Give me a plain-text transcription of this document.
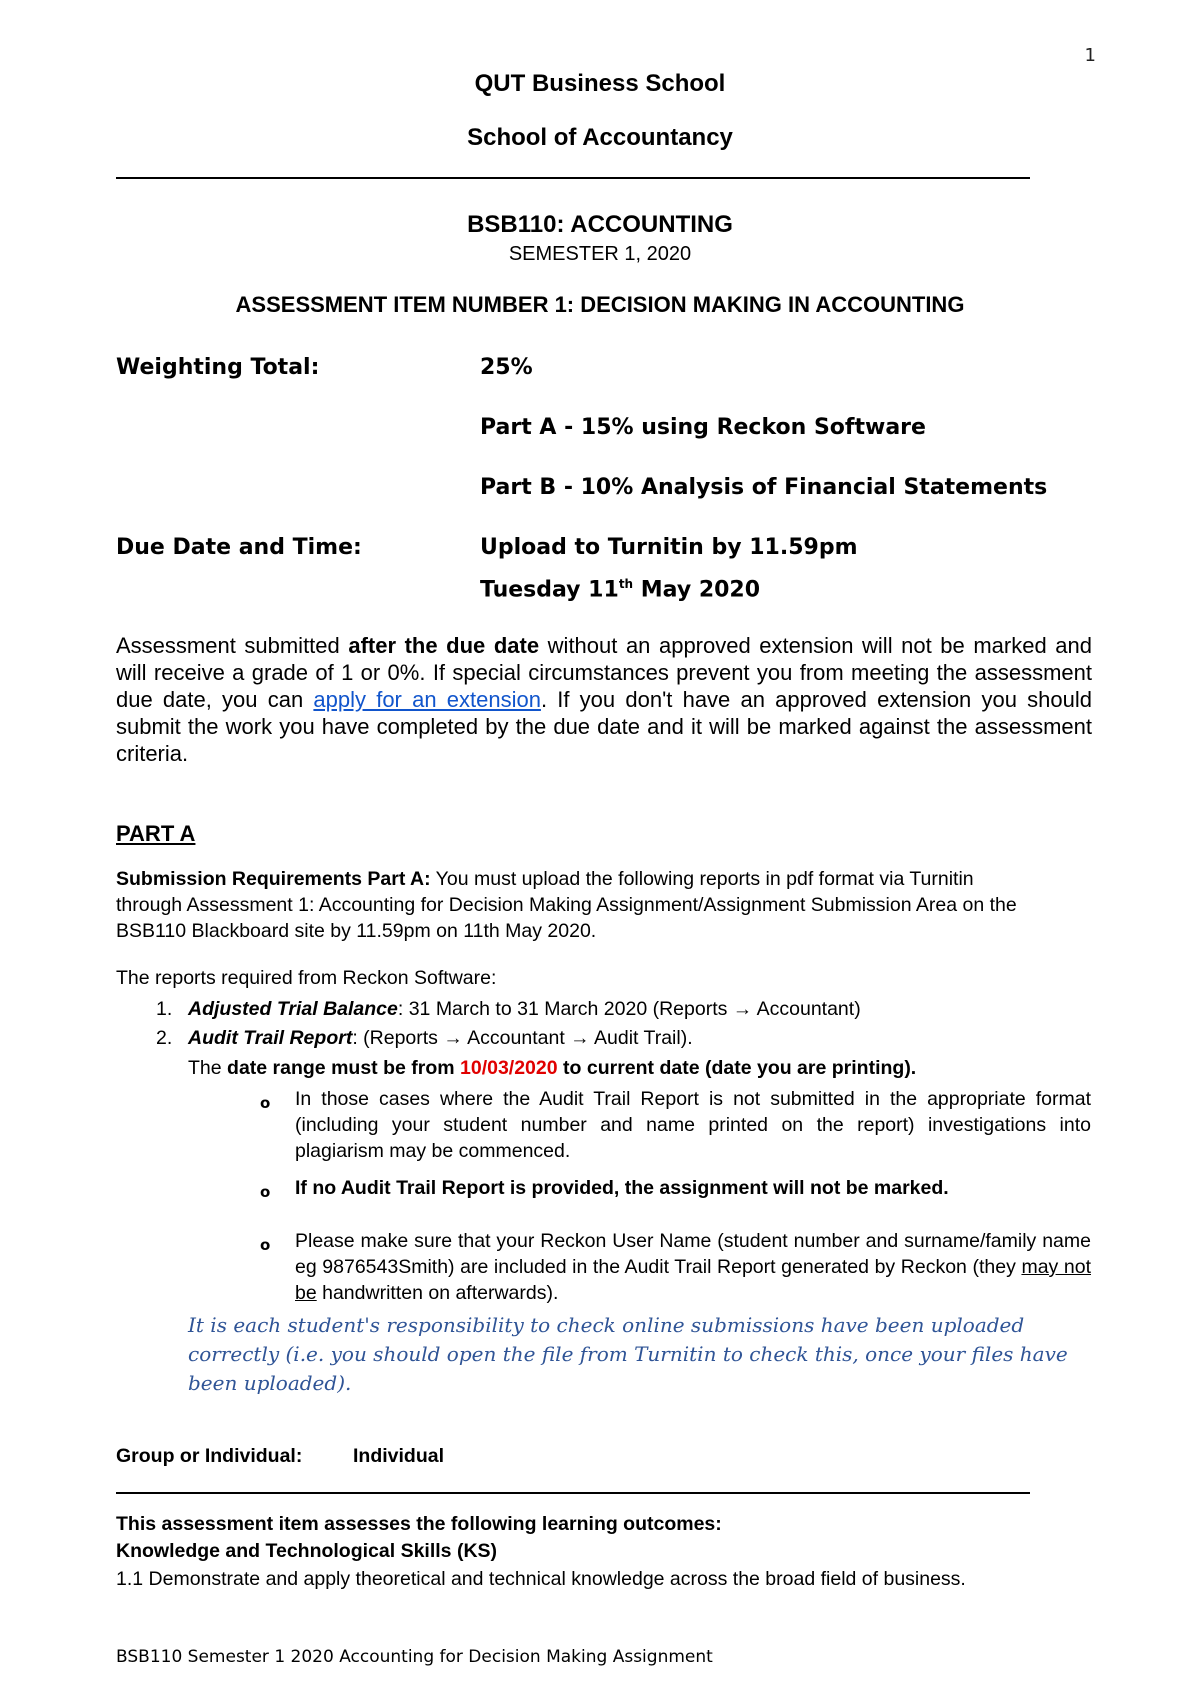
1
QUT Business School
School of Accountancy
BSB110: ACCOUNTING
SEMESTER 1, 2020
ASSESSMENT ITEM NUMBER 1: DECISION MAKING IN ACCOUNTING
Weighting Total:	25%
Part A - 15% using Reckon Software
Part B - 10% Analysis of Financial Statements
Due Date and Time:	Upload to Turnitin by 11.59pm
Tuesday 11th May 2020
Assessment submitted after the due date without an approved extension will not be marked and will receive a grade of 1 or 0%. If special circumstances prevent you from meeting the assessment due date, you can apply for an extension. If you don't have an approved extension you should submit the work you have completed by the due date and it will be marked against the assessment criteria.
PART A
Submission Requirements Part A: You must upload the following reports in pdf format via Turnitin through Assessment 1: Accounting for Decision Making Assignment/Assignment Submission Area on the BSB110 Blackboard site by 11.59pm on 11th May 2020.
The reports required from Reckon Software:
1. Adjusted Trial Balance: 31 March to 31 March 2020 (Reports → Accountant)
2. Audit Trail Report: (Reports → Accountant → Audit Trail).
The date range must be from 10/03/2020 to current date (date you are printing).
o In those cases where the Audit Trail Report is not submitted in the appropriate format (including your student number and name printed on the report) investigations into plagiarism may be commenced.
o If no Audit Trail Report is provided, the assignment will not be marked.
o Please make sure that your Reckon User Name (student number and surname/family name eg 9876543Smith) are included in the Audit Trail Report generated by Reckon (they may not be handwritten on afterwards).
It is each student's responsibility to check online submissions have been uploaded correctly (i.e. you should open the file from Turnitin to check this, once your files have been uploaded).
Group or Individual:	Individual
This assessment item assesses the following learning outcomes:
Knowledge and Technological Skills (KS)
1.1 Demonstrate and apply theoretical and technical knowledge across the broad field of business.
BSB110 Semester 1 2020 Accounting for Decision Making Assignment
